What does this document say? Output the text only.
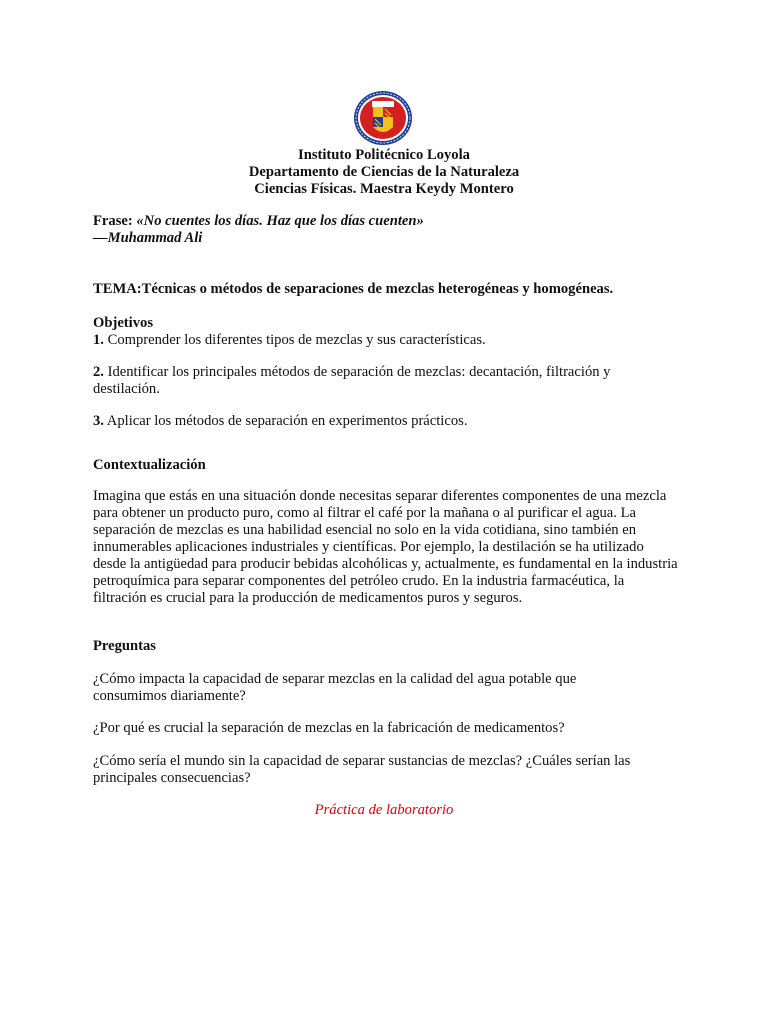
Instituto Politécnico Loyola
Departamento de Ciencias de la Naturaleza
Ciencias Físicas. Maestra Keydy Montero
Frase: «No cuentes los días. Haz que los días cuenten»
—Muhammad Ali
TEMA:Técnicas o métodos de separaciones de mezclas heterogéneas y homogéneas.
Objetivos

1. Comprender los diferentes tipos de mezclas y sus características.

2. Identificar los principales métodos de separación de mezclas: decantación, filtración y destilación.

3. Aplicar los métodos de separación en experimentos prácticos.

Contextualización

Imagina que estás en una situación donde necesitas separar diferentes componentes de una mezcla para obtener un producto puro, como al filtrar el café por la mañana o al purificar el agua. La separación de mezclas es una habilidad esencial no solo en la vida cotidiana, sino también en innumerables aplicaciones industriales y científicas. Por ejemplo, la destilación se ha utilizado desde la antigüedad para producir bebidas alcohólicas y, actualmente, es fundamental en la industria petroquímica para separar componentes del petróleo crudo. En la industria farmacéutica, la filtración es crucial para la producción de medicamentos puros y seguros.

Preguntas

¿Cómo impacta la capacidad de separar mezclas en la calidad del agua potable que consumimos diariamente?

¿Por qué es crucial la separación de mezclas en la fabricación de medicamentos?

¿Cómo sería el mundo sin la capacidad de separar sustancias de mezclas? ¿Cuáles serían las principales consecuencias?

Práctica de laboratorio
